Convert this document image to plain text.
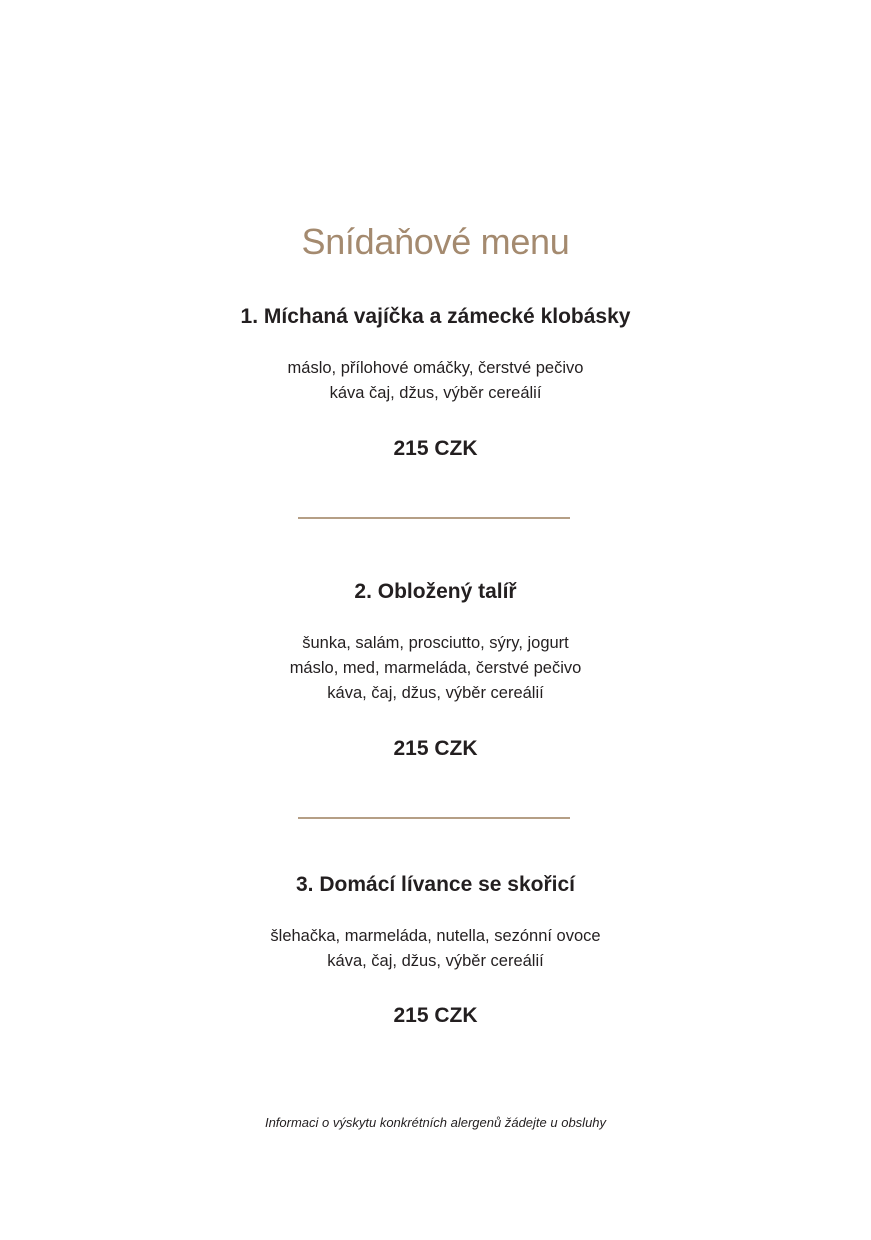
Snídaňové menu
1. Míchaná vajíčka a zámecké klobásky
máslo, přílohové omáčky, čerstvé pečivo
káva čaj, džus, výběr cereálií
215 CZK
2. Obložený talíř
šunka, salám, prosciutto, sýry, jogurt
máslo, med, marmeláda, čerstvé pečivo
káva, čaj, džus, výběr cereálií
215 CZK
3. Domácí lívance se skořicí
šlehačka, marmeláda, nutella, sezónní ovoce
káva, čaj, džus, výběr cereálií
215 CZK
Informaci o výskytu konkrétních alergenů žádejte u obsluhy
